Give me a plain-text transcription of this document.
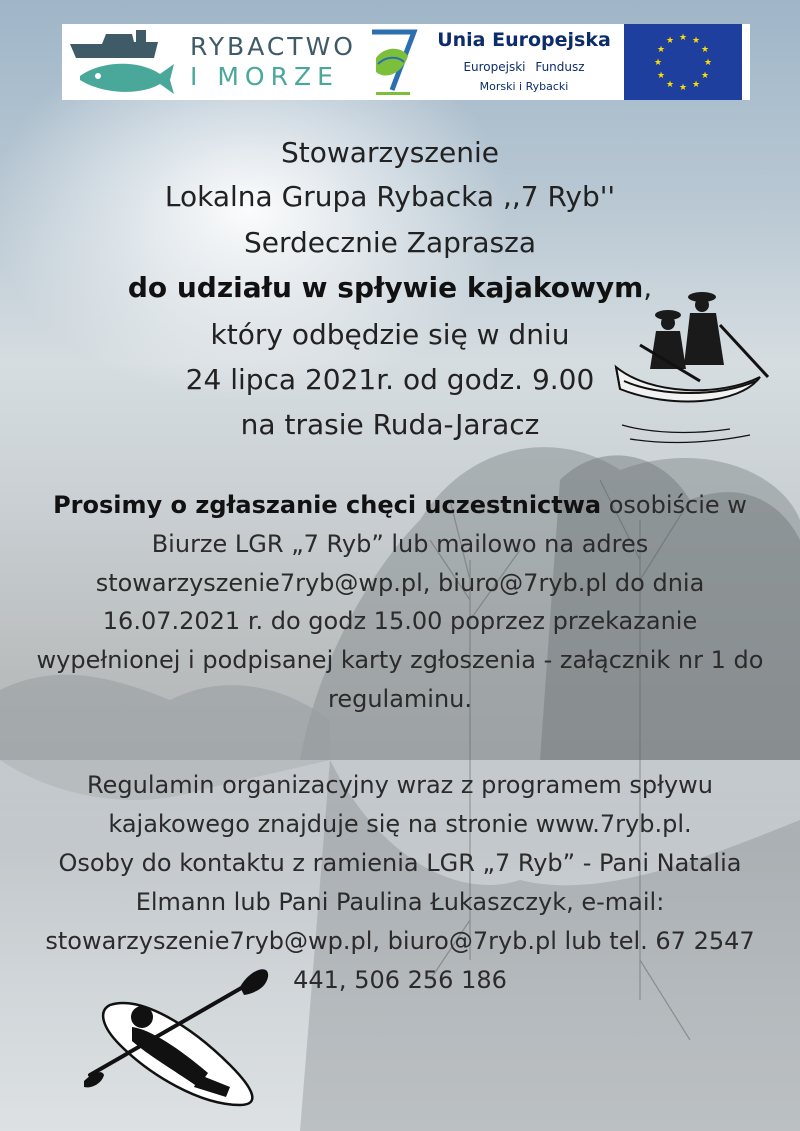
RYBACTWO
I MORZE
Unia Europejska
Europejski Fundusz
Morski i Rybacki
★ ★
★
★
★
★
★
★
★
★
★
★
Stowarzyszenie
Lokalna Grupa Rybacka ,,7 Ryb''
Serdecznie Zaprasza
do udziału w spływie kajakowym,
który odbędzie się w dniu
24 lipca 2021r. od godz. 9.00
na trasie Ruda-Jaracz
Prosimy o zgłaszanie chęci uczestnictwa osobiście w
Biurze LGR „7 Ryb” lub mailowo na adres
stowarzyszenie7ryb@wp.pl, biuro@7ryb.pl do dnia
16.07.2021 r. do godz 15.00 poprzez przekazanie
wypełnionej i podpisanej karty zgłoszenia - załącznik nr 1 do
regulaminu.
Regulamin organizacyjny wraz z programem spływu
kajakowego znajduje się na stronie www.7ryb.pl.
Osoby do kontaktu z ramienia LGR „7 Ryb” - Pani Natalia
Elmann lub Pani Paulina Łukaszczyk, e-mail:
stowarzyszenie7ryb@wp.pl, biuro@7ryb.pl lub tel. 67 2547
441, 506 256 186
